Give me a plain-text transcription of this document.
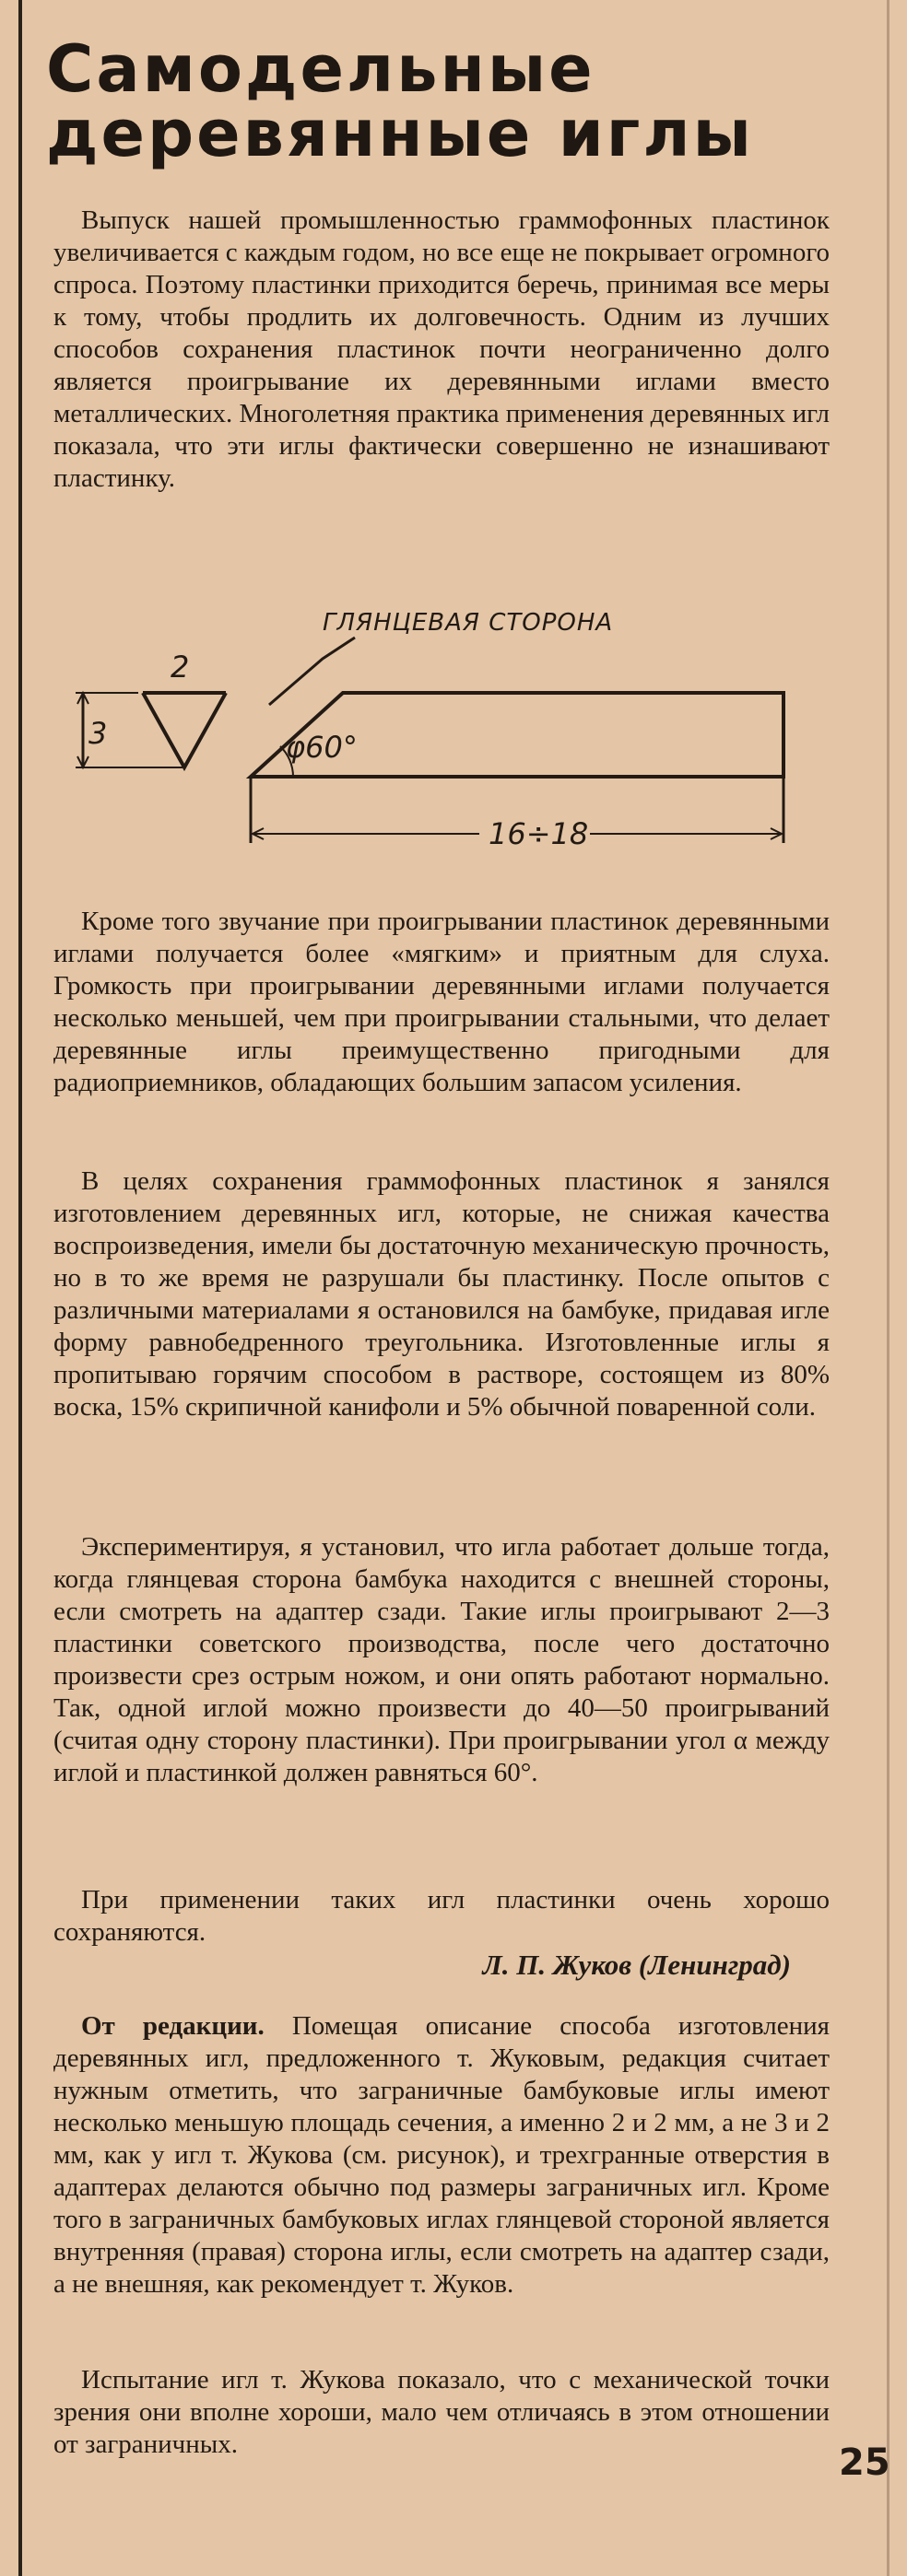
Самодельные
деревянные иглы

Выпуск нашей промышленностью граммофонных пластинок увеличивается с каждым годом, но все еще не покрывает огромного спроса. Поэтому пластинки приходится беречь, принимая все меры к тому, чтобы продлить их долговечность. Одним из лучших способов сохранения пластинок почти неограниченно долго является проигрывание их деревянными иглами вместо металлических. Многолетняя практика применения деревянных игл показала, что эти иглы фактически совершенно не изнашивают пластинку.

ГЛЯНЦЕВАЯ СТОРОНА
2
3	φ60°
16÷18

Кроме того звучание при проигрывании пластинок деревянными иглами получается более «мягким» и приятным для слуха. Громкость при проигрывании деревянными иглами получается несколько меньшей, чем при проигрывании стальными, что делает деревянные иглы преимущественно пригодными для радиоприемников, обладающих большим запасом усиления.

В целях сохранения граммофонных пластинок я занялся изготовлением деревянных игл, которые, не снижая качества воспроизведения, имели бы достаточную механическую прочность, но в то же время не разрушали бы пластинку. После опытов с различными материалами я остановился на бамбуке, придавая игле форму равнобедренного треугольника. Изготовленные иглы я пропитываю горячим способом в растворе, состоящем из 80% воска, 15% скрипичной канифоли и 5% обычной поваренной соли.

Экспериментируя, я установил, что игла работает дольше тогда, когда глянцевая сторона бамбука находится с внешней стороны, если смотреть на адаптер сзади. Такие иглы проигрывают 2—3 пластинки советского производства, после чего достаточно произвести срез острым ножом, и они опять работают нормально. Так, одной иглой можно произвести до 40—50 проигрываний (считая одну сторону пластинки). При проигрывании угол α между иглой и пластинкой должен равняться 60°.

При применении таких игл пластинки очень хорошо сохраняются.

Л. П. Жуков (Ленинград)

От редакции. Помещая описание способа изготовления деревянных игл, предложенного т. Жуковым, редакция считает нужным отметить, что заграничные бамбуковые иглы имеют несколько меньшую площадь сечения, а именно 2 и 2 мм, а не 3 и 2 мм, как у игл т. Жукова (см. рисунок), и трехгранные отверстия в адаптерах делаются обычно под размеры заграничных игл. Кроме того в заграничных бамбуковых иглах глянцевой стороной является внутренняя (правая) сторона иглы, если смотреть на адаптер сзади, а не внешняя, как рекомендует т. Жуков.

Испытание игл т. Жукова показало, что с механической точки зрения они вполне хороши, мало чем отличаясь в этом отношении от заграничных.	25
